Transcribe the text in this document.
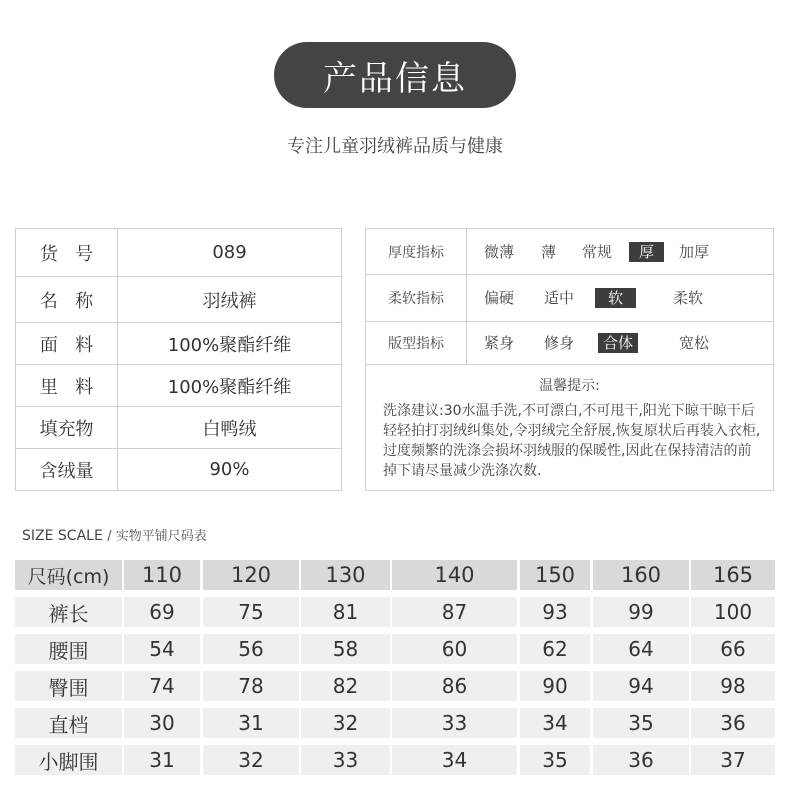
产品信息
专注儿童羽绒裤品质与健康
货   号	089
名   称	羽绒裤
面   料	100%聚酯纤维
里   料	100%聚酯纤维
填充物	白鸭绒
含绒量	90%
厚度指标	微薄	薄	常规	厚	加厚
柔软指标	偏硬	适中	软	柔软
版型指标	紧身	修身	合体	宽松
温馨提示:
洗涤建议:30水温手洗,不可漂白,不可甩干,阳光下晾干晾干后轻轻拍打羽绒纠集处,令羽绒完全舒展,恢复原状后再装入衣柜,过度频繁的洗涤会损坏羽绒服的保暖性,因此在保持清洁的前掉下请尽量减少洗涤次数.
SIZE SCALE / 实物平铺尺码表
尺码(cm)	110	120	130	140	150	160	165
裤长	69	75	81	87	93	99	100
腰围	54	56	58	60	62	64	66
臀围	74	78	82	86	90	94	98
直档	30	31	32	33	34	35	36
小脚围	31	32	33	34	35	36	37
